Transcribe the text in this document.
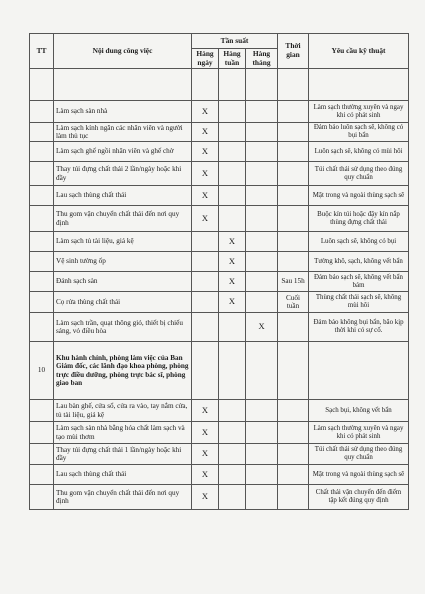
TT	Nội dung công việc	Tần suất			Thời gian	Yêu cầu kỹ thuật
		Hàng ngày	Hàng tuần	Hàng tháng		

	Làm sạch sàn nhà	X				Làm sạch thường xuyên và ngay khi có phát sinh
	Làm sạch kính ngăn các nhân viên và người làm thủ tục	X				Đảm bảo luôn sạch sẽ, không có bụi bẩn
	Làm sạch ghế ngồi nhân viên và ghế chờ	X				Luôn sạch sẽ, không có mùi hôi
	Thay túi đựng chất thải 2 lần/ngày hoặc khi đầy	X				Túi chất thải sử dụng theo đúng quy chuẩn
	Lau sạch thùng chất thải	X				Mặt trong và ngoài thùng sạch sẽ
	Thu gom vận chuyển chất thải đến nơi quy định	X				Buộc kín túi hoặc đậy kín nắp thùng đựng chất thải
	Làm sạch tủ tài liệu, giá kệ		X			Luôn sạch sẽ, không có bụi
	Vệ sinh tường ốp		X			Tường khô, sạch, không vết bẩn
	Đánh sạch sàn		X		Sau 15h	Đảm bảo sạch sẽ, không vết bẩn bám
	Cọ rửa thùng chất thải		X		Cuối tuần	Thùng chất thải sạch sẽ, không mùi hôi
	Làm sạch trần, quạt thông gió, thiết bị chiếu sáng, vỏ điều hòa			X		Đảm bảo không bụi bẩn, bão kịp thời khi có sự cố.
10	Khu hành chính, phòng làm việc của Ban Giám đốc, các lãnh đạo khoa phòng, phòng trực điều dưỡng, phòng trực bác sĩ, phòng giao ban					
	Lau bàn ghế, cửa sổ, cửa ra vào, tay nắm cửa, tủ tài liệu, giá kệ	X				Sạch bụi, không vết bẩn
	Làm sạch sàn nhà bằng hóa chất làm sạch và tạo mùi thơm	X				Làm sạch thường xuyên và ngay khi có phát sinh
	Thay túi đựng chất thải 1 lần/ngày hoặc khi đầy	X				Túi chất thải sử dụng theo đúng quy chuẩn
	Lau sạch thùng chất thải	X				Mặt trong và ngoài thùng sạch sẽ
	Thu gom vận chuyển chất thải đến nơi quy định	X				Chất thải vận chuyển đến điểm tập kết đúng quy định
